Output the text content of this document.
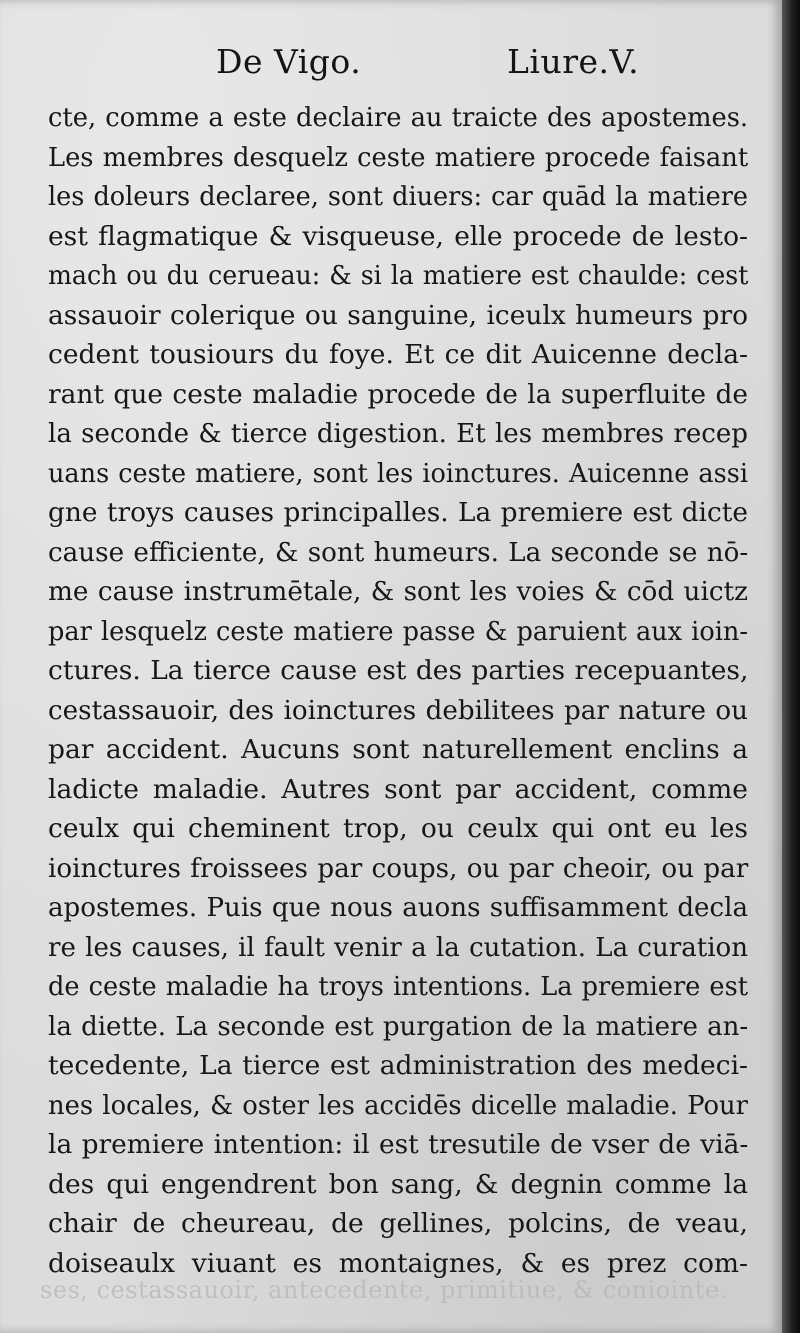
De Vigo.	Liure.V.
cte, comme a este declaire au traicte des apostemes.
Les membres desquelz ceste matiere procede faisant
les doleurs declaree, sont diuers: car quād la matiere
est flagmatique & visqueuse, elle procede de lesto-
mach ou du cerueau: & si la matiere est chaulde: cest
assauoir colerique ou sanguine, iceulx humeurs pro
cedent tousiours du foye. Et ce dit Auicenne decla-
rant que ceste maladie procede de la superfluite de
la seconde & tierce digestion. Et les membres recep
uans ceste matiere, sont les ioinctures. Auicenne assi
gne troys causes principalles. La premiere est dicte
cause efficiente, & sont humeurs. La seconde se nō-
me cause instrumētale, & sont les voies & cōd uictz
par lesquelz ceste matiere passe & paruient aux ioin-
ctures. La tierce cause est des parties recepuantes,
cestassauoir, des ioinctures debilitees par nature ou
par accident. Aucuns sont naturellement enclins a
ladicte maladie. Autres sont par accident, comme
ceulx qui cheminent trop, ou ceulx qui ont eu les
ioinctures froissees par coups, ou par cheoir, ou par
apostemes. Puis que nous auons suffisamment decla
re les causes, il fault venir a la cutation. La curation
de ceste maladie ha troys intentions. La premiere est
la diette. La seconde est purgation de la matiere an-
tecedente, La tierce est administration des medeci-
nes locales, & oster les accidēs dicelle maladie. Pour
la premiere intention: il est tresutile de vser de viā-
des qui engendrent bon sang, & degnin comme la
chair de cheureau, de gellines, polcins, de veau,
doiseaulx viuant es montaignes, & es prez com-
ses, cestassauoir, antecedente, primitiue, & coniointe.
